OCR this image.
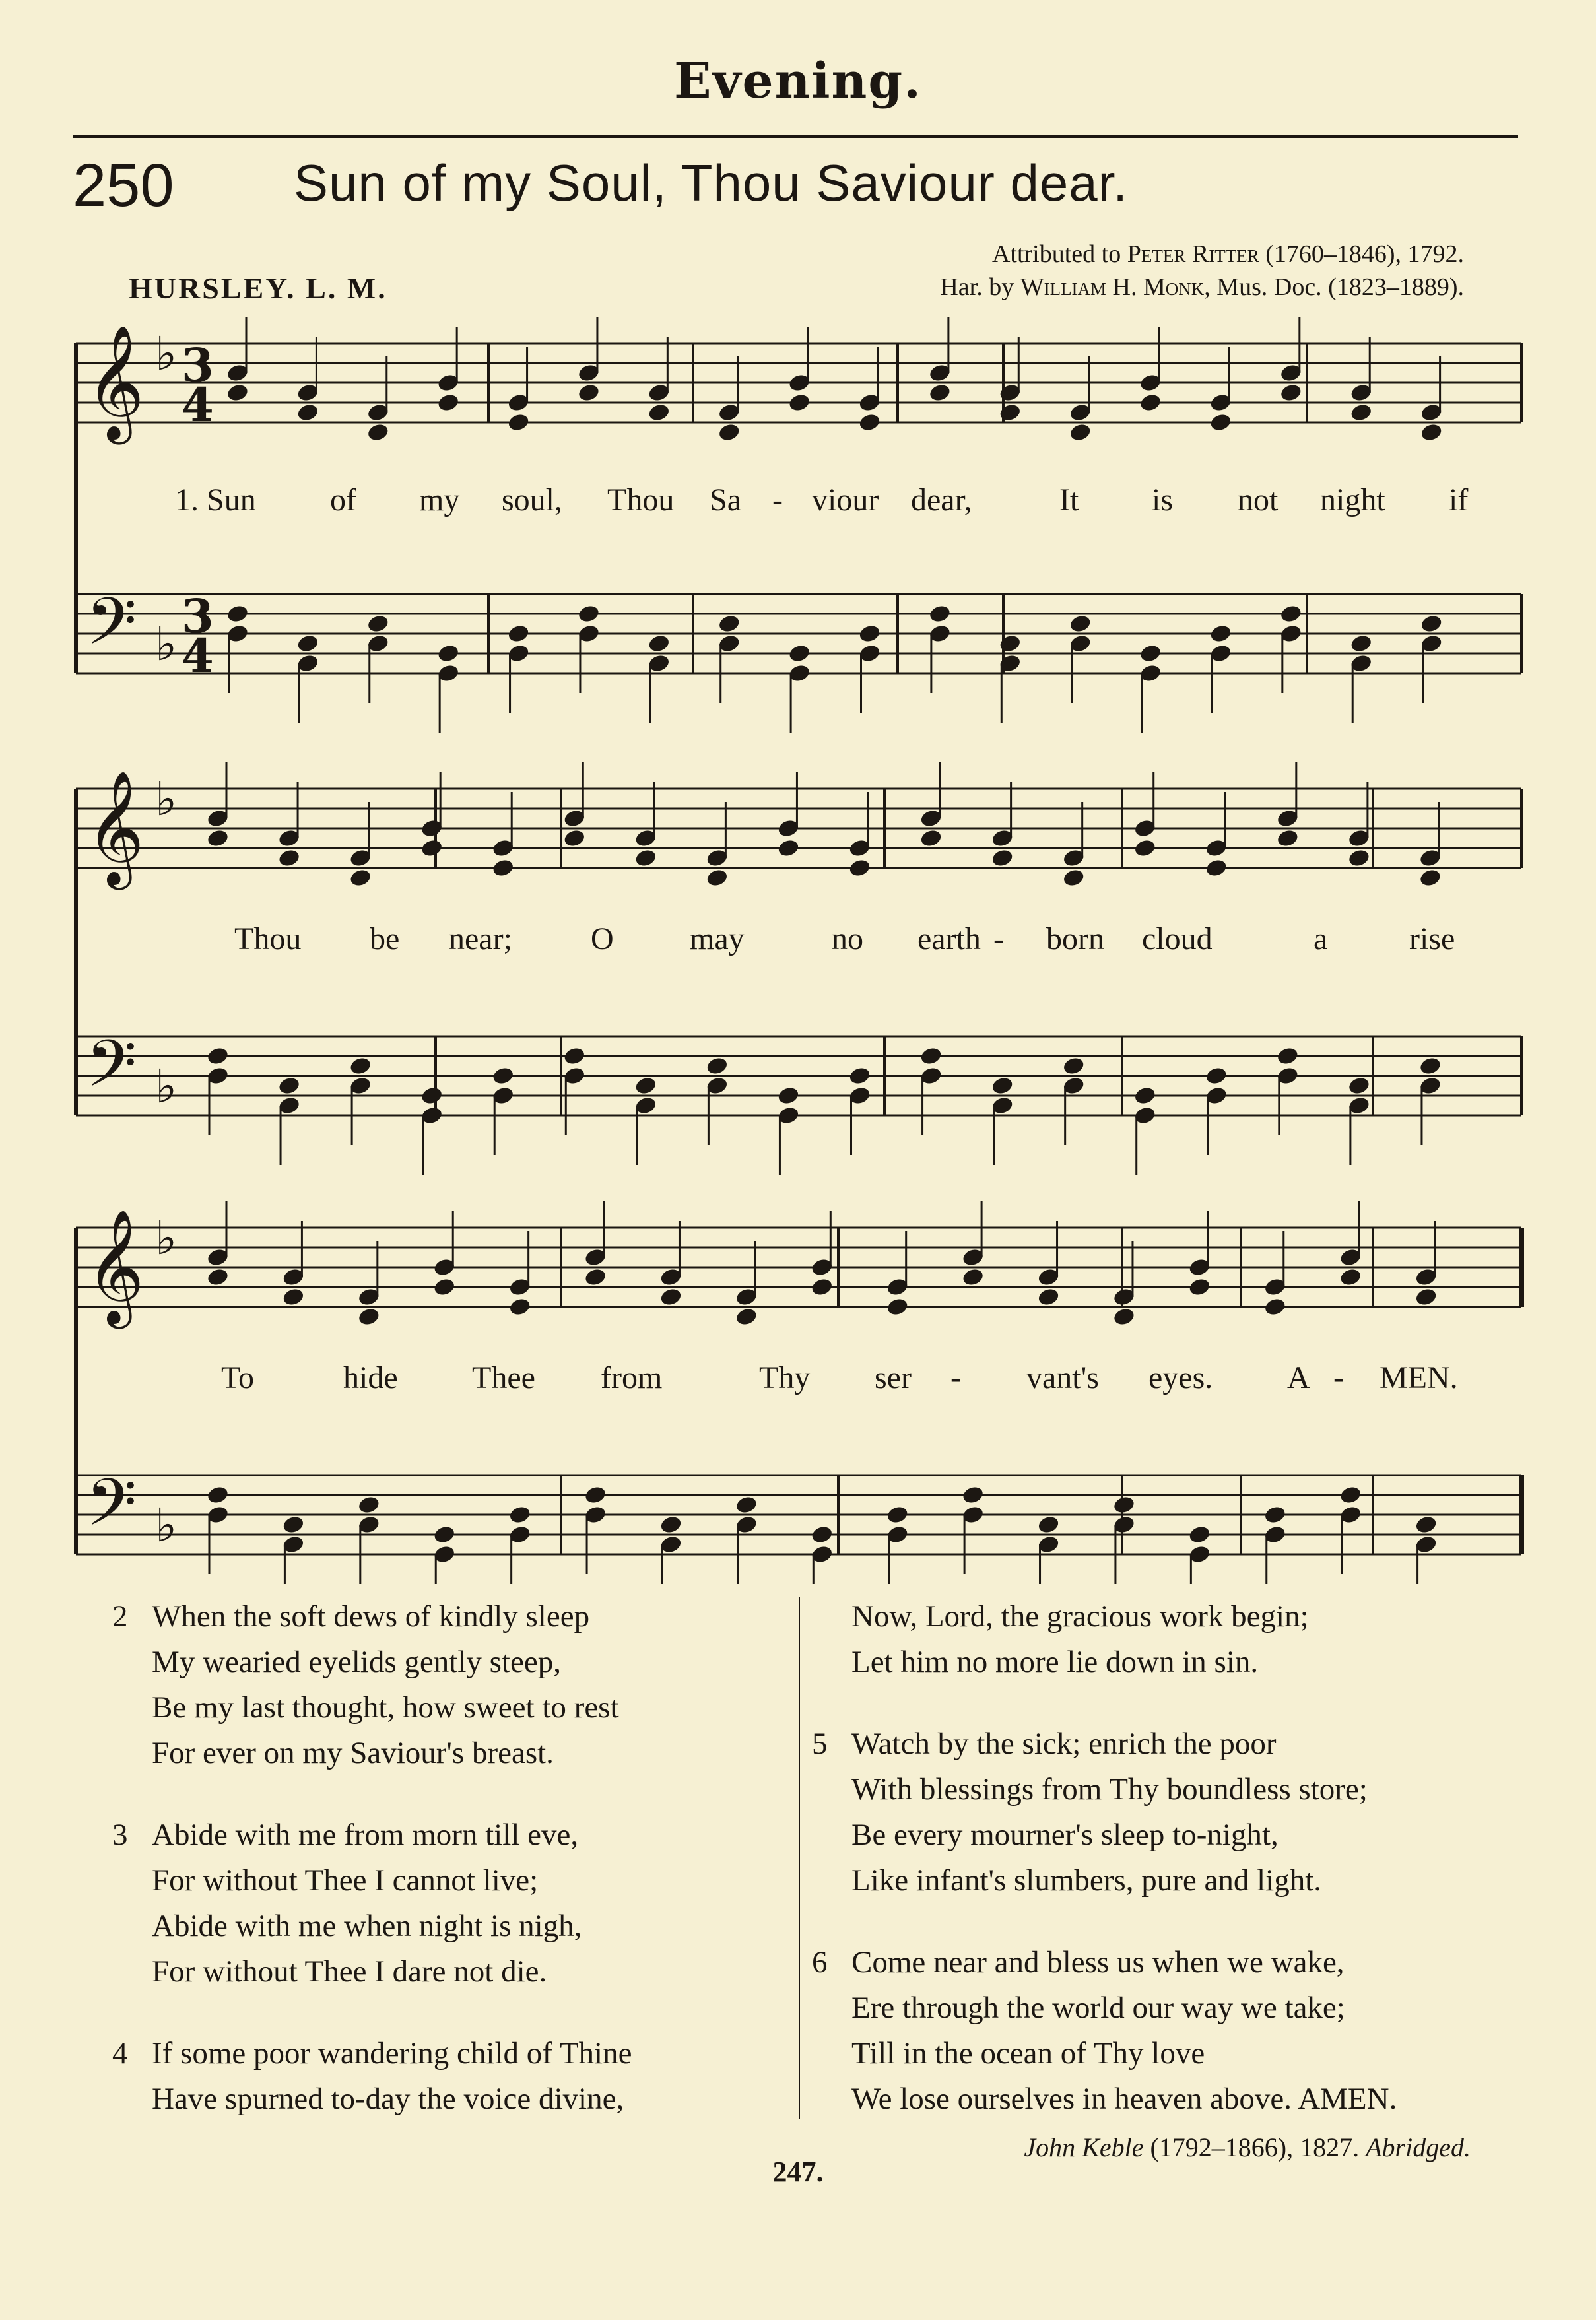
Evening.
250 Sun of my Soul, Thou Saviour dear.
HURSLEY. L. M.
Attributed to Peter Ritter (1760–1846), 1792.
Har. by William H. Monk, Mus. Doc. (1823–1889).
𝄞 ♭ 3
4
𝄢 ♭
3
4
𝄞 ♭
𝄢 ♭
𝄞 ♭
𝄢 ♭
1. Sun of my soul, Thou Sa - viour dear,	It is not night if
Thou be near; O may	no earth - born cloud	a	rise
To	hide Thee from	Thy ser - vant's eyes. A - MEN.
2 When the soft dews of kindly sleep
My wearied eyelids gently steep,
Be my last thought, how sweet to rest
For ever on my Saviour's breast.
3 Abide with me from morn till eve,
For without Thee I cannot live;
Abide with me when night is nigh,
For without Thee I dare not die.
4 If some poor wandering child of Thine
Have spurned to-day the voice divine,
Now, Lord, the gracious work begin;
Let him no more lie down in sin.
5 Watch by the sick; enrich the poor
With blessings from Thy boundless store;
Be every mourner's sleep to-night,
Like infant's slumbers, pure and light.
6 Come near and bless us when we wake,
Ere through the world our way we take;
Till in the ocean of Thy love
We lose ourselves in heaven above. AMEN.
John Keble (1792–1866), 1827. Abridged.
247.
